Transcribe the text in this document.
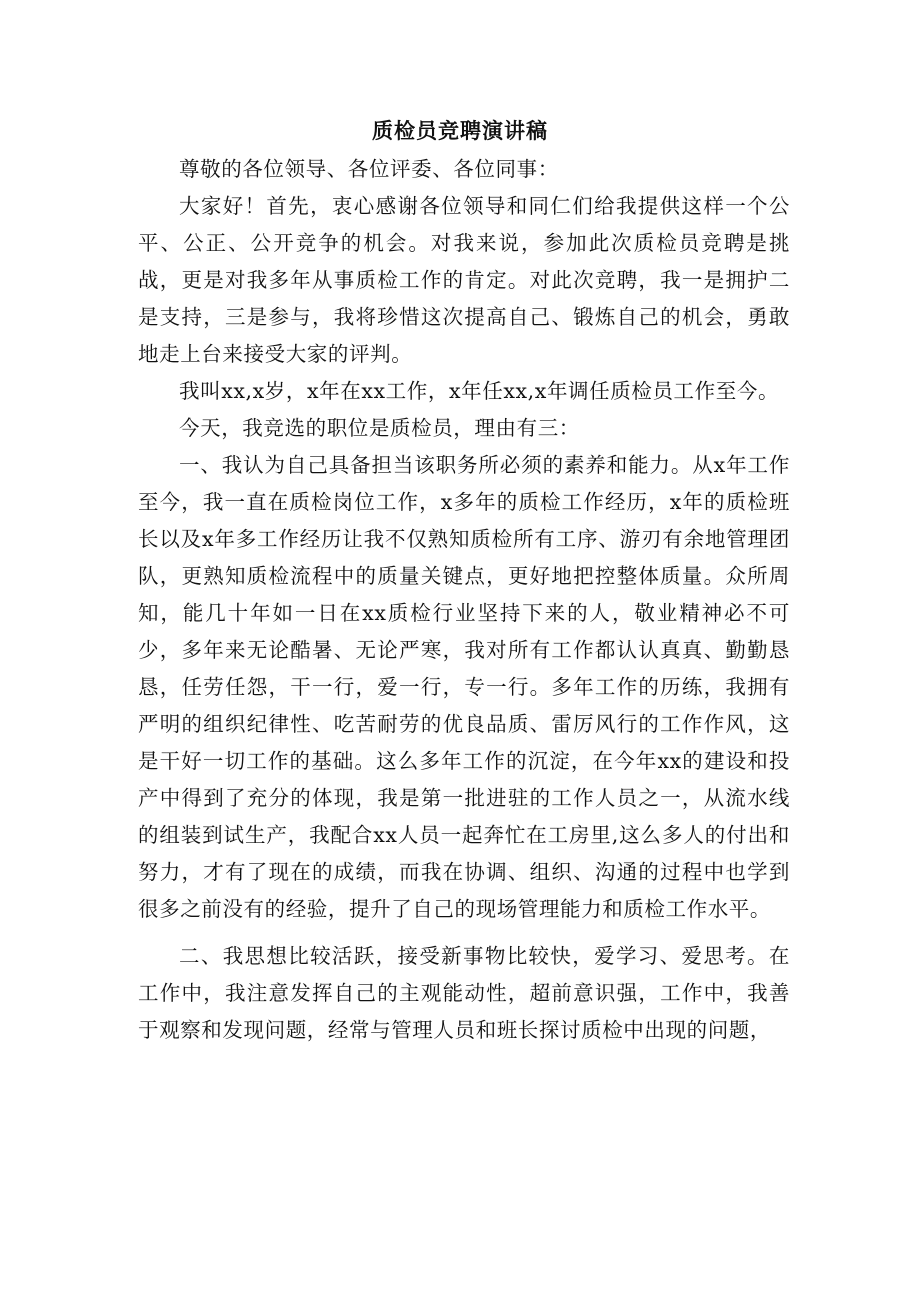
质检员竞聘演讲稿

尊敬的各位领导、各位评委、各位同事：

大家好！首先，衷心感谢各位领导和同仁们给我提供这样一个公平、公正、公开竞争的机会。对我来说，参加此次质检员竞聘是挑战，更是对我多年从事质检工作的肯定。对此次竞聘，我一是拥护二是支持，三是参与，我将珍惜这次提高自己、锻炼自己的机会，勇敢地走上台来接受大家的评判。

我叫xx,x岁，x年在xx工作，x年任xx,x年调任质检员工作至今。

今天，我竞选的职位是质检员，理由有三：

一、我认为自己具备担当该职务所必须的素养和能力。从x年工作至今，我一直在质检岗位工作，x多年的质检工作经历，x年的质检班长以及x年多工作经历让我不仅熟知质检所有工序、游刃有余地管理团队，更熟知质检流程中的质量关键点，更好地把控整体质量。众所周知，能几十年如一日在xx质检行业坚持下来的人，敬业精神必不可少，多年来无论酷暑、无论严寒，我对所有工作都认认真真、勤勤恳恳，任劳任怨，干一行，爱一行，专一行。多年工作的历练，我拥有严明的组织纪律性、吃苦耐劳的优良品质、雷厉风行的工作作风，这是干好一切工作的基础。这么多年工作的沉淀，在今年xx的建设和投产中得到了充分的体现，我是第一批进驻的工作人员之一，从流水线的组装到试生产，我配合xx人员一起奔忙在工房里,这么多人的付出和努力，才有了现在的成绩，而我在协调、组织、沟通的过程中也学到很多之前没有的经验，提升了自己的现场管理能力和质检工作水平。

二、我思想比较活跃，接受新事物比较快，爱学习、爱思考。在工作中，我注意发挥自己的主观能动性，超前意识强，工作中，我善于观察和发现问题，经常与管理人员和班长探讨质检中出现的问题，
